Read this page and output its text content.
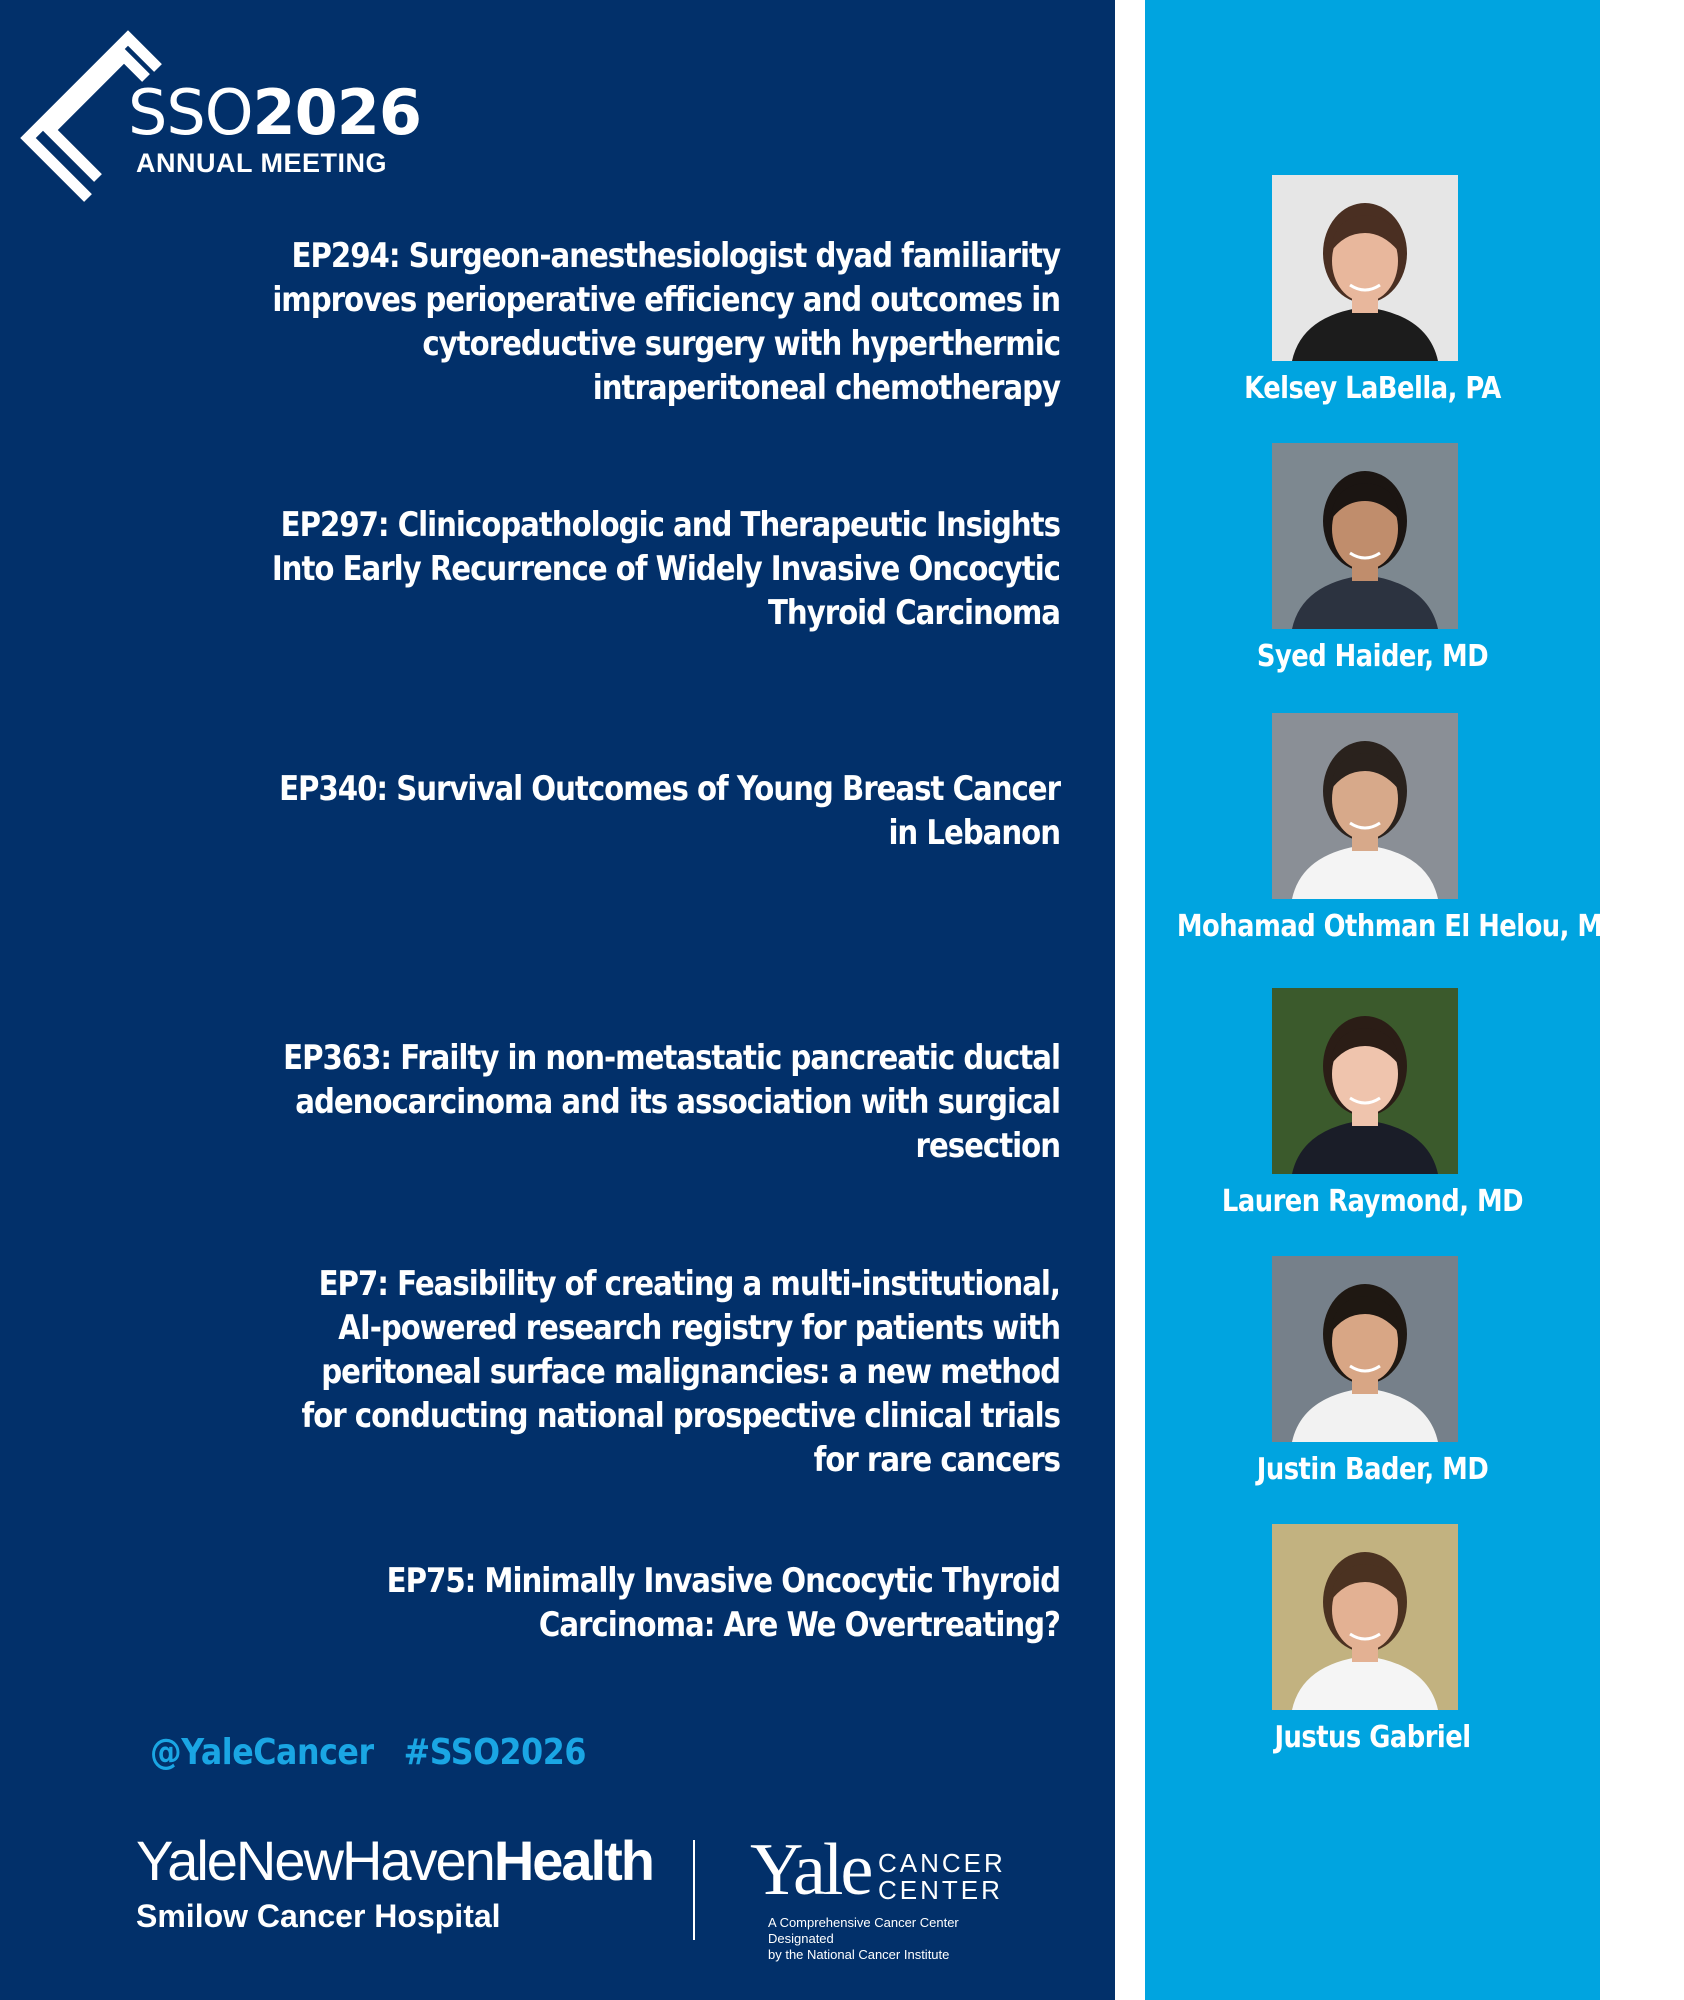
SSO2026
ANNUAL MEETING
EP294: Surgeon-anesthesiologist dyad familiarity improves perioperative efficiency and outcomes in cytoreductive surgery with hyperthermic intraperitoneal chemotherapy
EP297: Clinicopathologic and Therapeutic Insights Into Early Recurrence of Widely Invasive Oncocytic Thyroid Carcinoma
EP340: Survival Outcomes of Young Breast Cancer in Lebanon
EP363: Frailty in non-metastatic pancreatic ductal adenocarcinoma and its association with surgical resection
EP7: Feasibility of creating a multi-institutional, AI-powered research registry for patients with peritoneal surface malignancies: a new method for conducting national prospective clinical trials for rare cancers
EP75: Minimally Invasive Oncocytic Thyroid Carcinoma: Are We Overtreating?
@YaleCancer #SSO2026
YaleNewHavenHealth
Smilow Cancer Hospital
Yale CANCER
CENTER
A Comprehensive Cancer Center Designated
by the National Cancer Institute
Kelsey LaBella, PA
Syed Haider, MD
Mohamad Othman El Helou, MD, MS
Lauren Raymond, MD
Justin Bader, MD
Justus Gabriel
